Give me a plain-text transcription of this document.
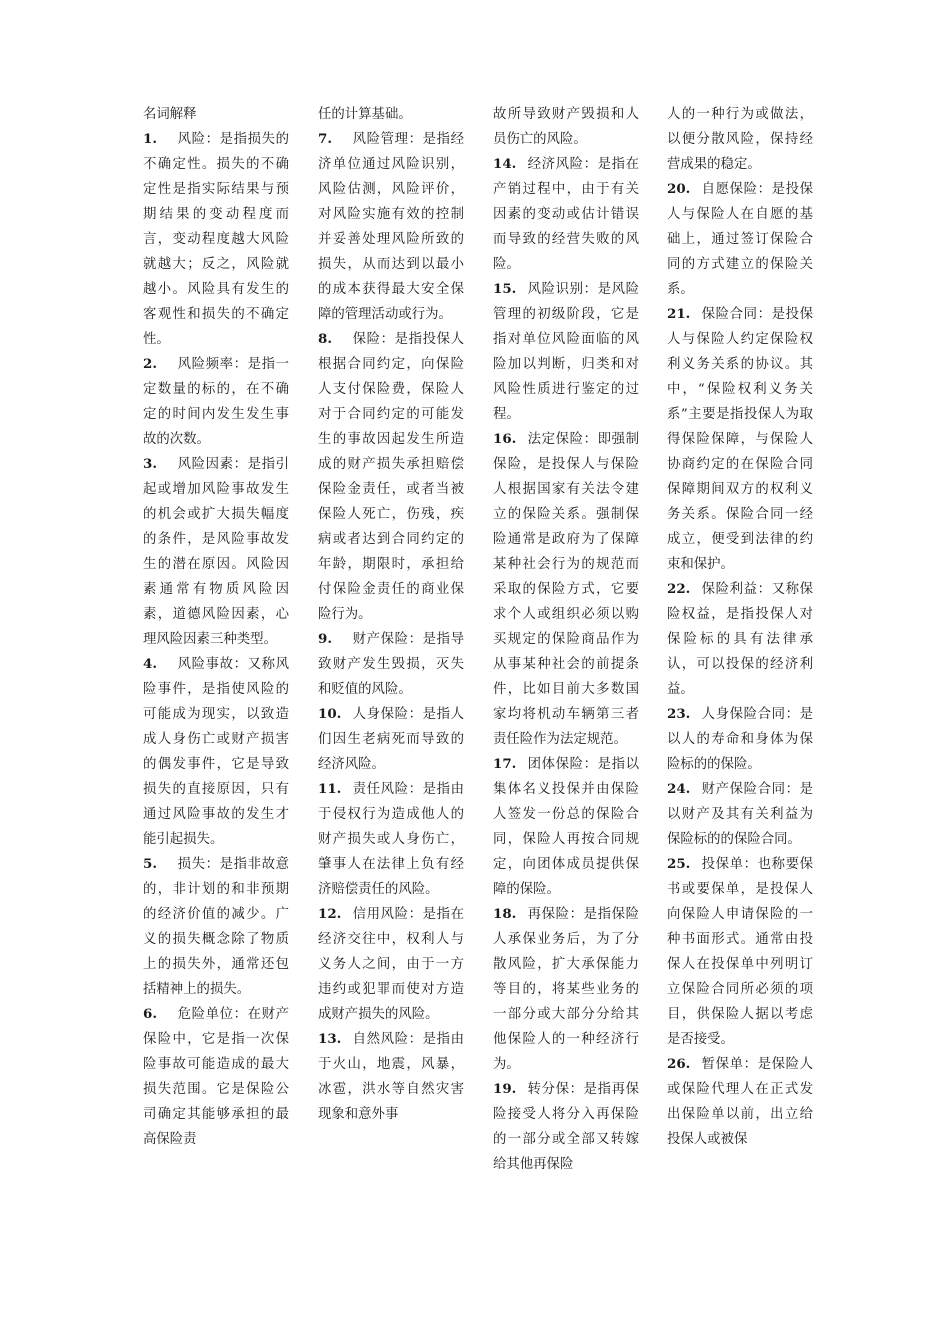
名词解释

1. 风险：是指损失的不确定性。损失的不确定性是指实际结果与预期结果的变动程度而言，变动程度越大风险就越大；反之，风险就越小。风险具有发生的客观性和损失的不确定性。

2. 风险频率：是指一定数量的标的，在不确定的时间内发生发生事故的次数。

3. 风险因素：是指引起或增加风险事故发生的机会或扩大损失幅度的条件，是风险事故发生的潜在原因。风险因素通常有物质风险因素，道德风险因素，心理风险因素三种类型。

4. 风险事故：又称风险事件，是指使风险的可能成为现实，以致造成人身伤亡或财产损害的偶发事件，它是导致损失的直接原因，只有通过风险事故的发生才能引起损失。

5. 损失：是指非故意的，非计划的和非预期的经济价值的减少。广义的损失概念除了物质上的损失外，通常还包括精神上的损失。

6. 危险单位：在财产保险中，它是指一次保险事故可能造成的最大损失范围。它是保险公司确定其能够承担的最高保险责

任的计算基础。

7. 风险管理：是指经济单位通过风险识别，风险估测，风险评价，对风险实施有效的控制并妥善处理风险所致的损失，从而达到以最小的成本获得最大安全保障的管理活动或行为。

8. 保险：是指投保人根据合同约定，向保险人支付保险费，保险人对于合同约定的可能发生的事故因起发生所造成的财产损失承担赔偿保险金责任，或者当被保险人死亡，伤残，疾病或者达到合同约定的年龄，期限时，承担给付保险金责任的商业保险行为。

9. 财产保险：是指导致财产发生毁损，灭失和贬值的风险。

10. 人身保险：是指人们因生老病死而导致的经济风险。

11. 责任风险：是指由于侵权行为造成他人的财产损失或人身伤亡，肇事人在法律上负有经济赔偿责任的风险。

12. 信用风险：是指在经济交往中，权利人与义务人之间，由于一方违约或犯罪而使对方造成财产损失的风险。

13. 自然风险：是指由于火山，地震，风暴，冰雹，洪水等自然灾害现象和意外事

故所导致财产毁损和人员伤亡的风险。

14. 经济风险：是指在产销过程中，由于有关因素的变动或估计错误而导致的经营失败的风险。

15. 风险识别：是风险管理的初级阶段，它是指对单位风险面临的风险加以判断，归类和对风险性质进行鉴定的过程。

16. 法定保险：即强制保险，是投保人与保险人根据国家有关法令建立的保险关系。强制保险通常是政府为了保障某种社会行为的规范而采取的保险方式，它要求个人或组织必须以购买规定的保险商品作为从事某种社会的前提条件，比如目前大多数国家均将机动车辆第三者责任险作为法定规范。

17. 团体保险：是指以集体名义投保并由保险人签发一份总的保险合同，保险人再按合同规定，向团体成员提供保障的保险。

18. 再保险：是指保险人承保业务后，为了分散风险，扩大承保能力等目的，将某些业务的一部分或大部分分给其他保险人的一种经济行为。

19. 转分保：是指再保险接受人将分入再保险的一部分或全部又转嫁给其他再保险

人的一种行为或做法，以便分散风险，保持经营成果的稳定。

20. 自愿保险：是投保人与保险人在自愿的基础上，通过签订保险合同的方式建立的保险关系。

21. 保险合同：是投保人与保险人约定保险权利义务关系的协议。其中，“保险权利义务关系”主要是指投保人为取得保险保障，与保险人协商约定的在保险合同保障期间双方的权利义务关系。保险合同一经成立，便受到法律的约束和保护。

22. 保险利益：又称保险权益，是指投保人对保险标的具有法律承认，可以投保的经济利益。

23. 人身保险合同：是以人的寿命和身体为保险标的的保险。

24. 财产保险合同：是以财产及其有关利益为保险标的的保险合同。

25. 投保单：也称要保书或要保单，是投保人向保险人申请保险的一种书面形式。通常由投保人在投保单中列明订立保险合同所必须的项目，供保险人据以考虑是否接受。

26. 暂保单：是保险人或保险代理人在正式发出保险单以前，出立给投保人或被保
